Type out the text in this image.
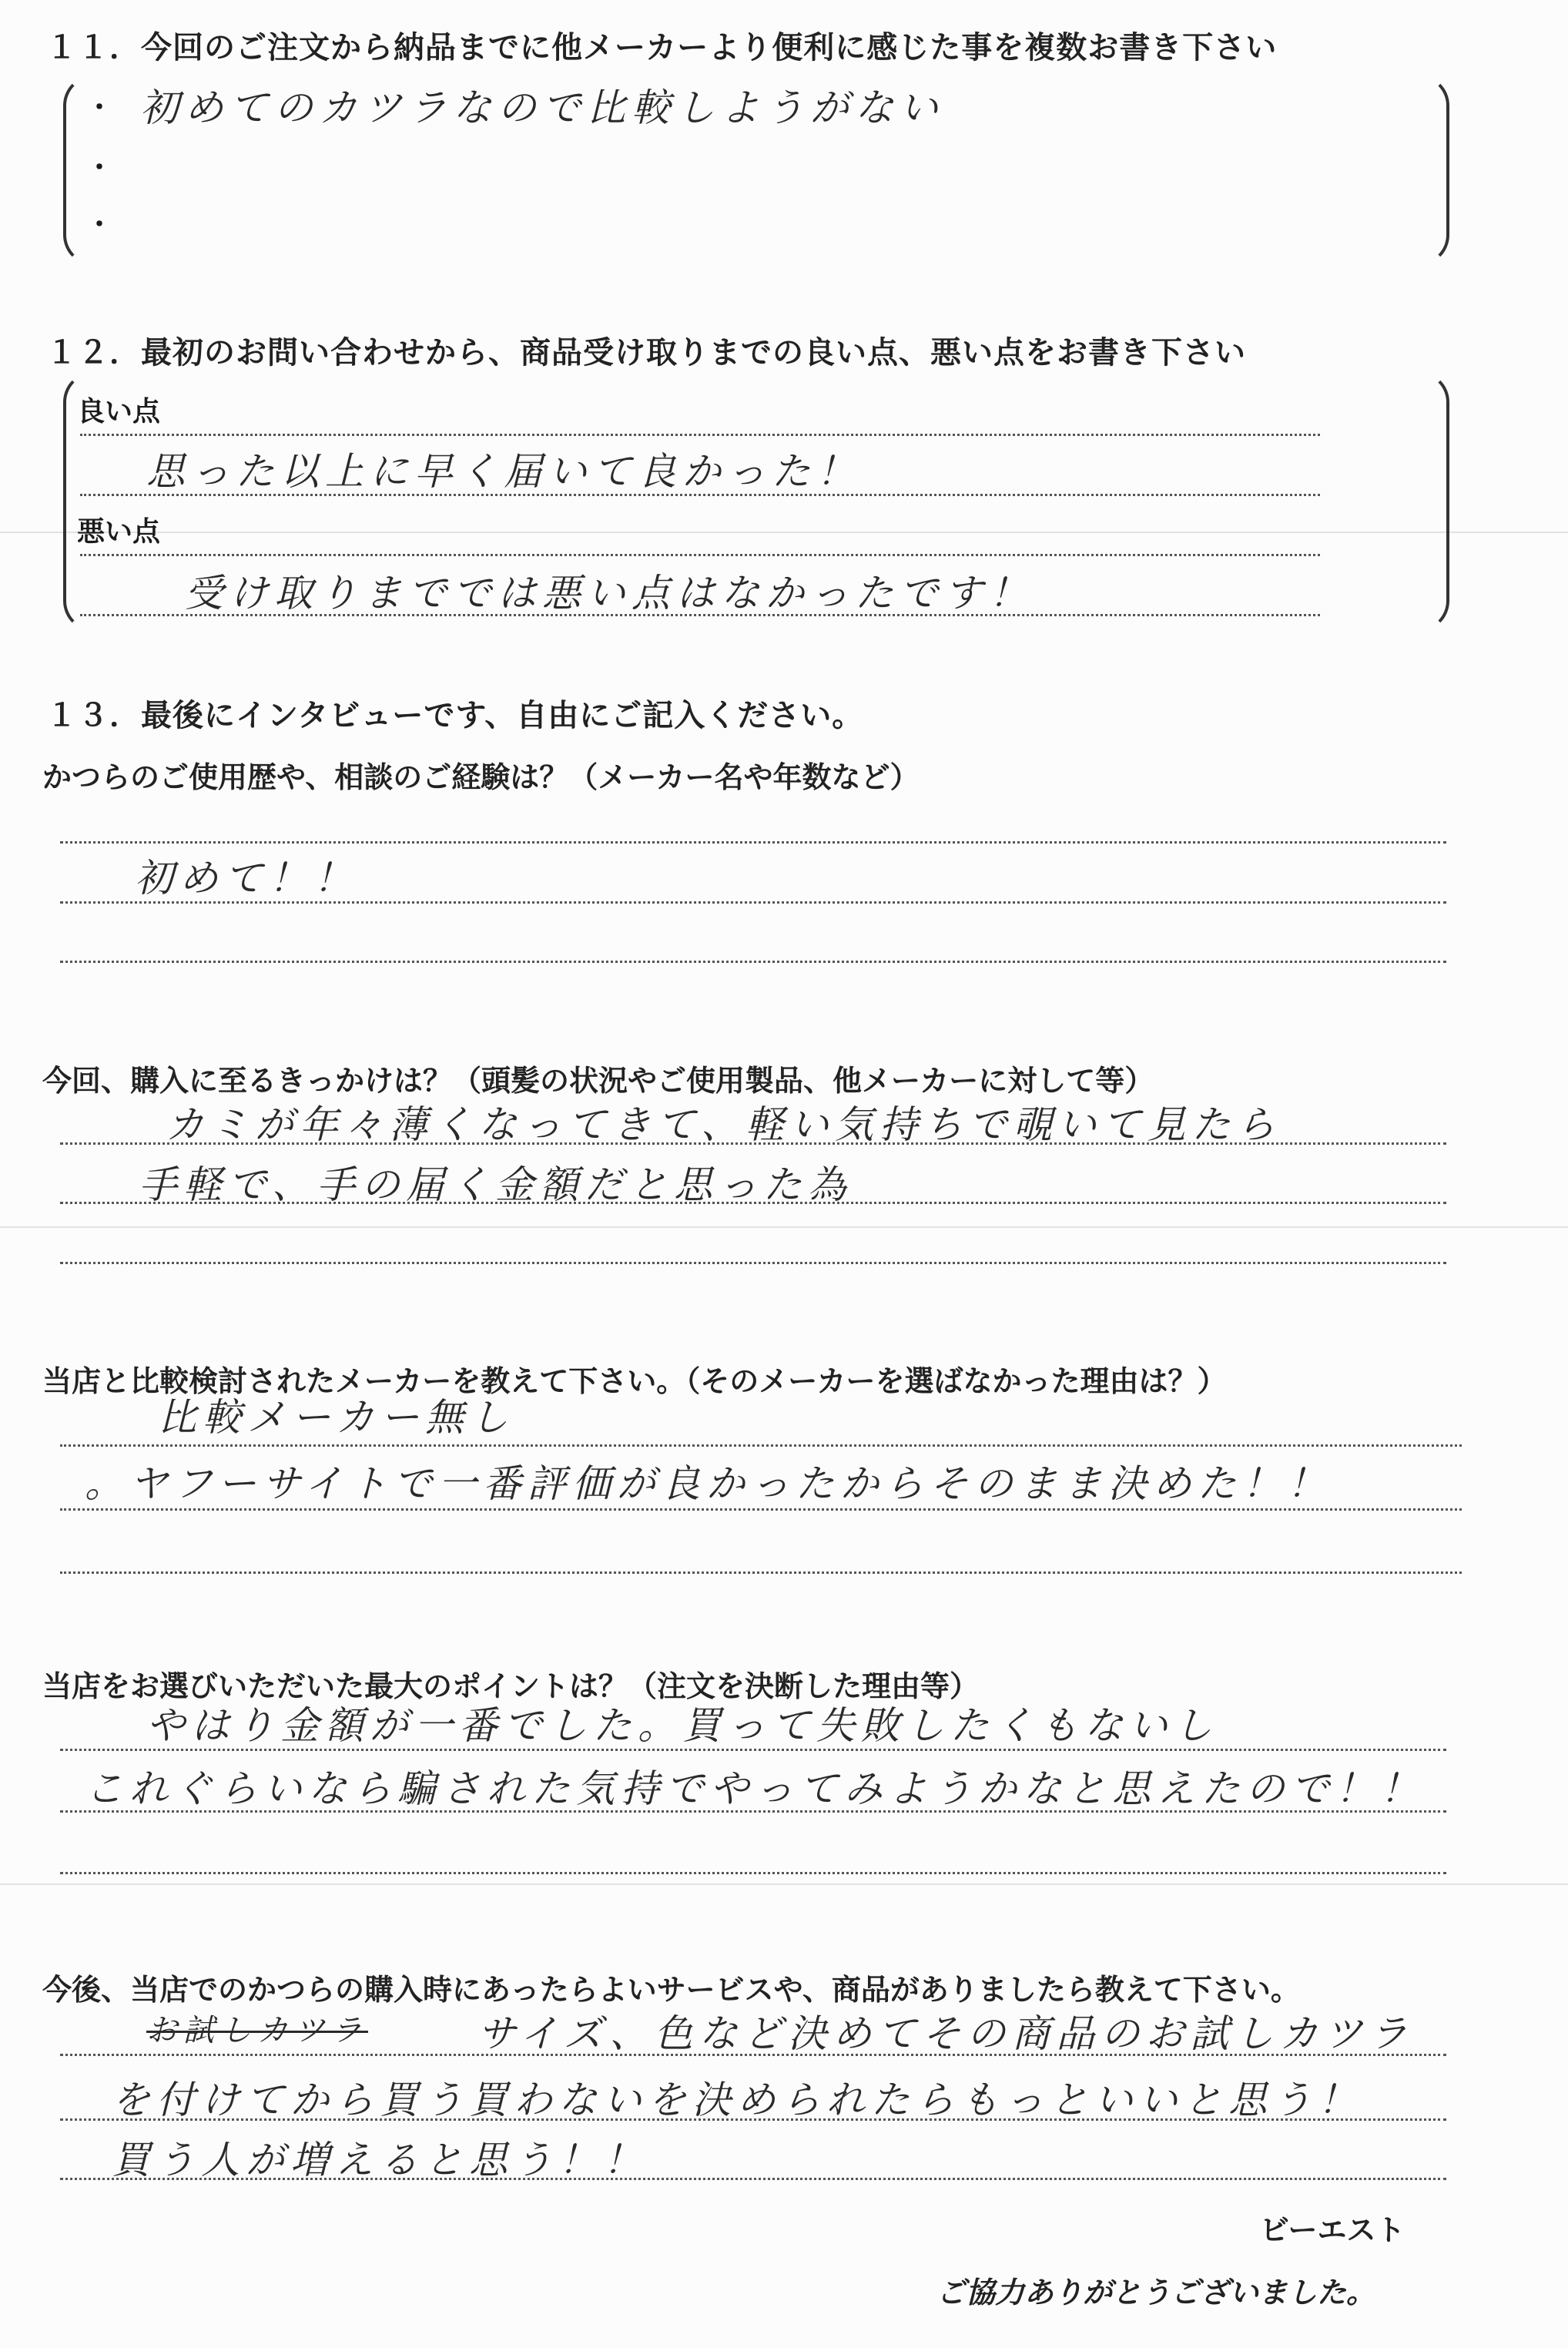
１１．今回のご注文から納品までに他メーカーより便利に感じた事を複数お書き下さい
・
・
・
初めてのカツラなので比較しようがない
１２．最初のお問い合わせから、商品受け取りまでの良い点、悪い点をお書き下さい
良い点
思った以上に早く届いて良かった！
悪い点
受け取りまででは悪い点はなかったです！
１３．最後にインタビューです、自由にご記入ください。
かつらのご使用歴や、相談のご経験は？（メーカー名や年数など）
初めて！！
今回、購入に至るきっかけは？（頭髪の状況やご使用製品、他メーカーに対して等）
カミが年々薄くなってきて、軽い気持ちで覗いて見たら
手軽で、手の届く金額だと思った為
当店と比較検討されたメーカーを教えて下さい。（そのメーカーを選ばなかった理由は？）
比較メーカー無し
。ヤフーサイトで一番評価が良かったからそのまま決めた！！
当店をお選びいただいた最大のポイントは？（注文を決断した理由等）
やはり金額が一番でした。買って失敗したくもないし
これぐらいなら騙された気持でやってみようかなと思えたので！！
今後、当店でのかつらの購入時にあったらよいサービスや、商品がありましたら教えて下さい。
お試しカツラ	サイズ、色など決めてその商品のお試しカツラ
を付けてから買う買わないを決められたらもっといいと思う！
買う人が増えると思う！！
ビーエスト
ご協力ありがとうございました。
